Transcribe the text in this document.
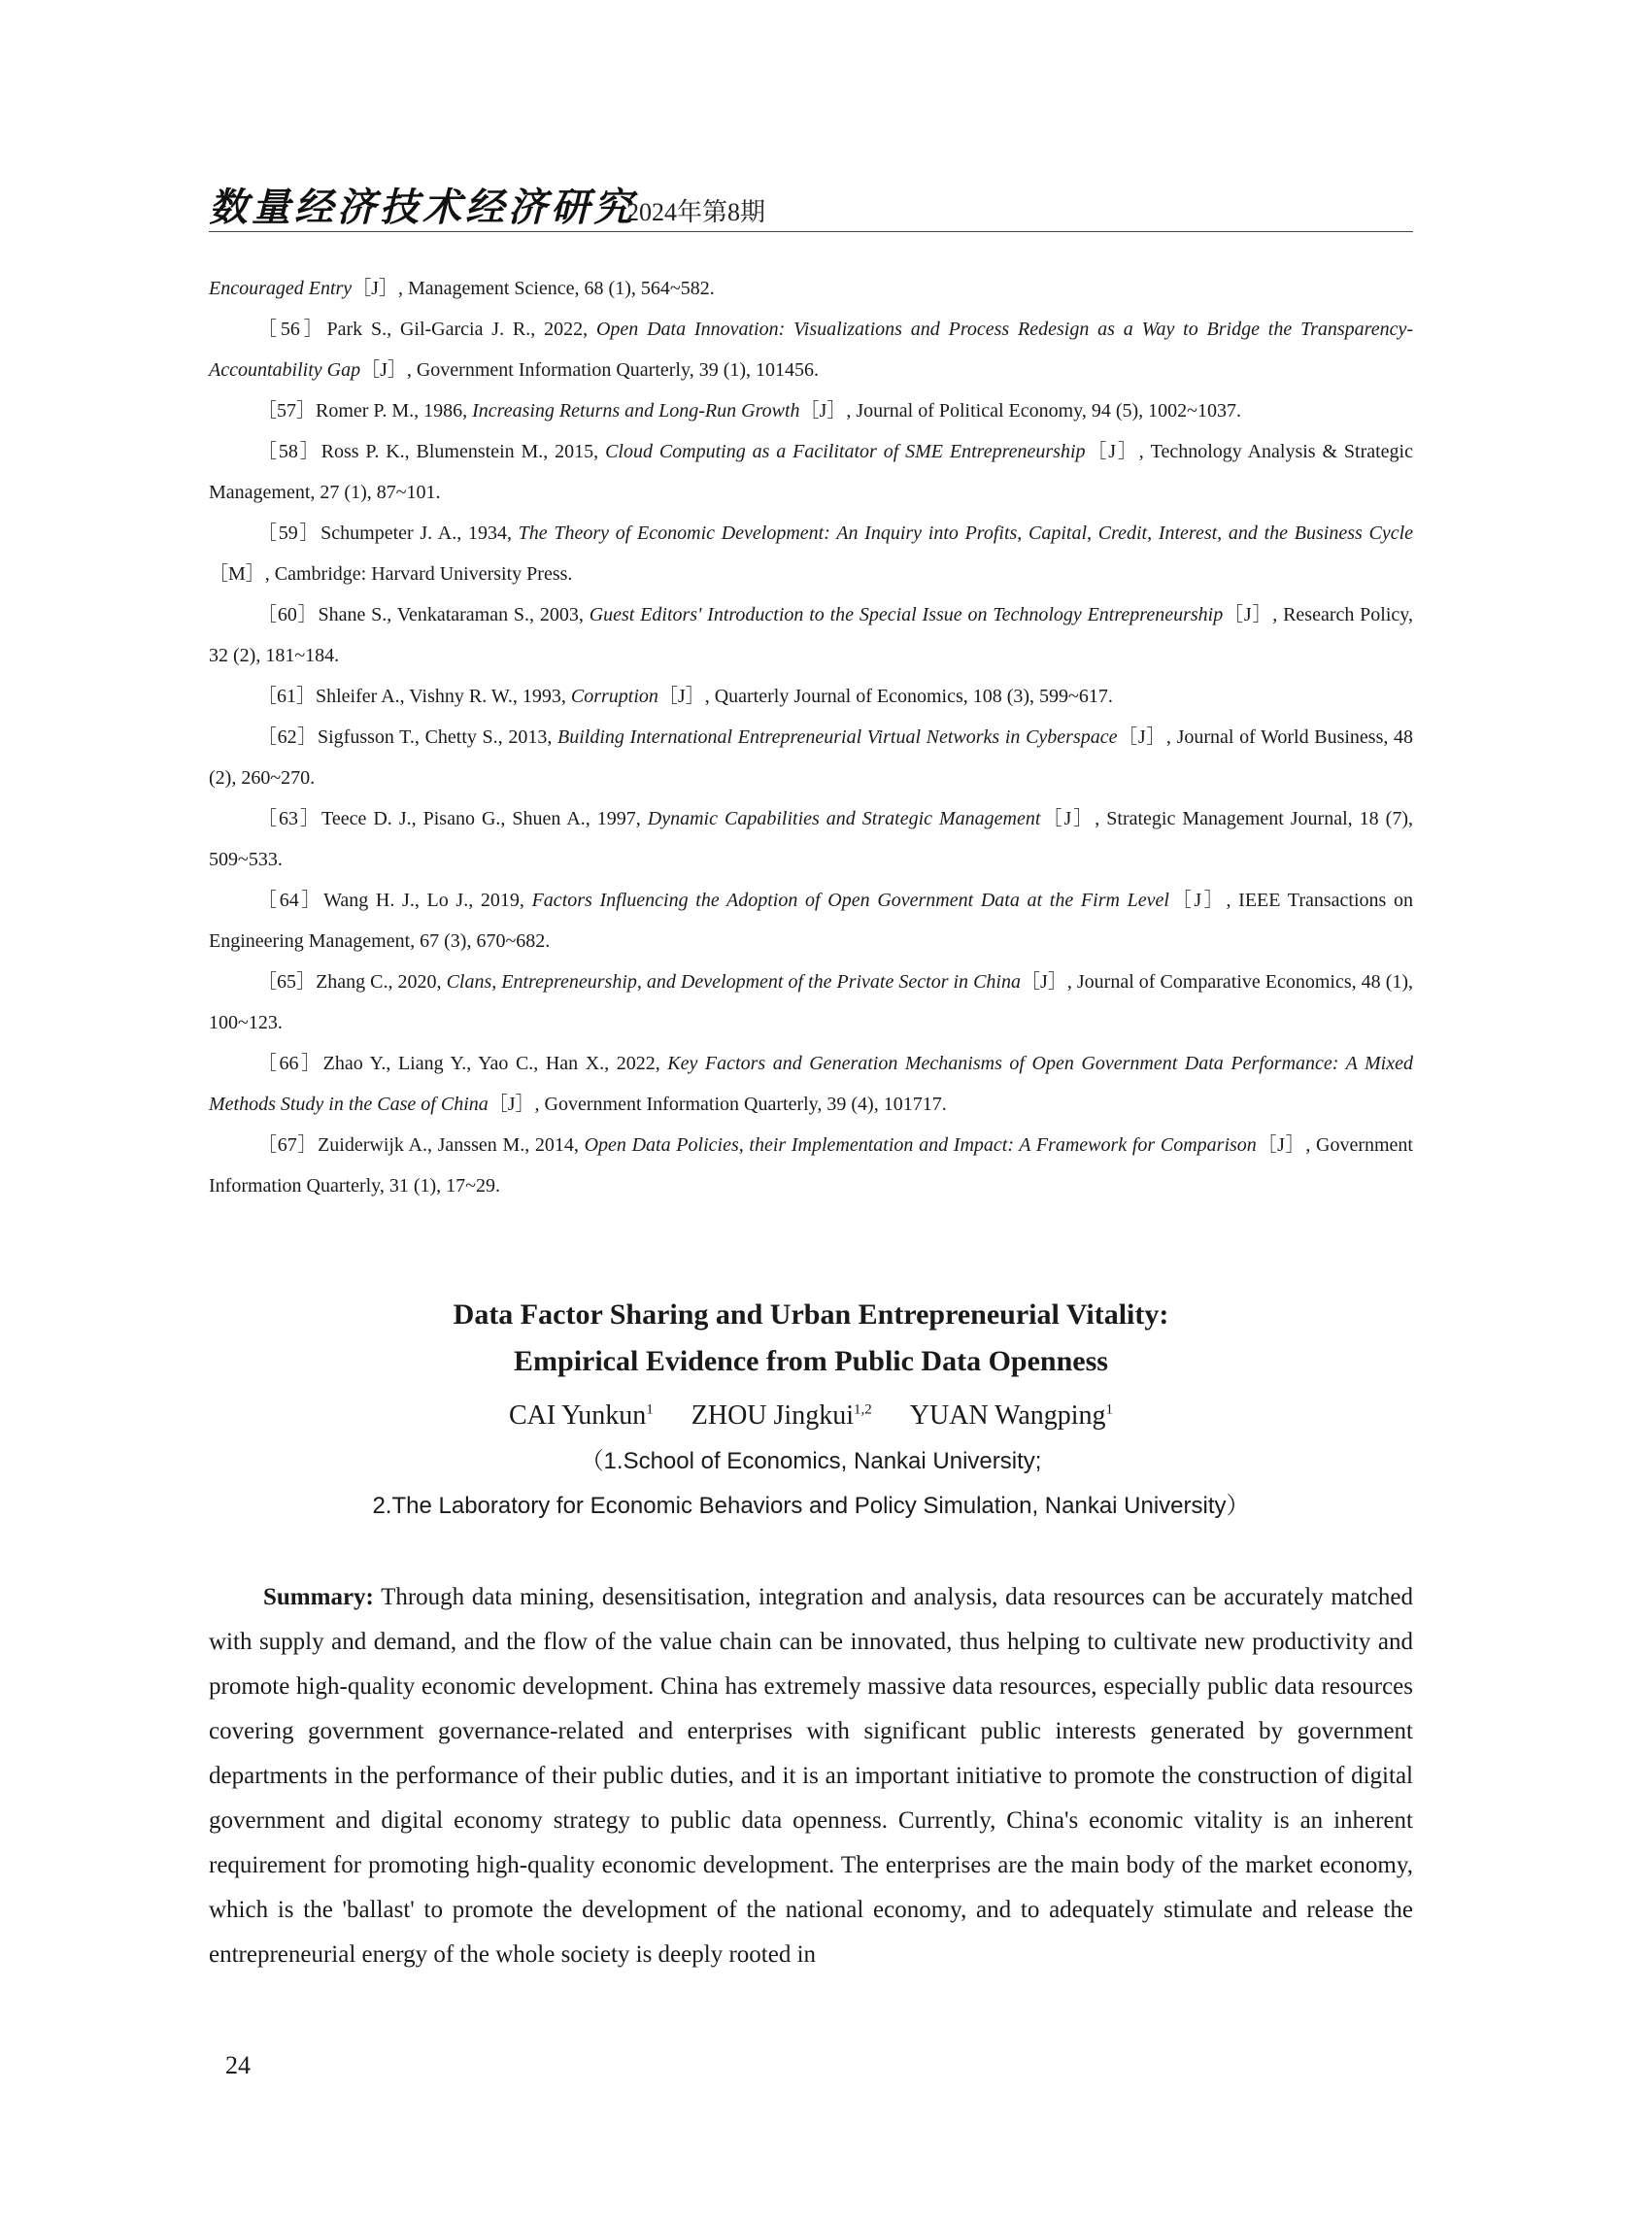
数量经济技术经济研究
2024年第8期

Encouraged Entry［J］, Management Science, 68 (1), 564~582.

［56］Park S., Gil-Garcia J. R., 2022, Open Data Innovation: Visualizations and Process Redesign as a Way to Bridge the Transparency-Accountability Gap［J］, Government Information Quarterly, 39 (1), 101456.

［57］Romer P. M., 1986, Increasing Returns and Long-Run Growth［J］, Journal of Political Economy, 94 (5), 1002~1037.

［58］Ross P. K., Blumenstein M., 2015, Cloud Computing as a Facilitator of SME Entrepreneurship［J］, Technology Analysis & Strategic Management, 27 (1), 87~101.

［59］Schumpeter J. A., 1934, The Theory of Economic Development: An Inquiry into Profits, Capital, Credit, Interest, and the Business Cycle［M］, Cambridge: Harvard University Press.

［60］Shane S., Venkataraman S., 2003, Guest Editors' Introduction to the Special Issue on Technology Entrepreneurship［J］, Research Policy, 32 (2), 181~184.

［61］Shleifer A., Vishny R. W., 1993, Corruption［J］, Quarterly Journal of Economics, 108 (3), 599~617.

［62］Sigfusson T., Chetty S., 2013, Building International Entrepreneurial Virtual Networks in Cyberspace［J］, Journal of World Business, 48 (2), 260~270.

［63］Teece D. J., Pisano G., Shuen A., 1997, Dynamic Capabilities and Strategic Management［J］, Strategic Management Journal, 18 (7), 509~533.

［64］Wang H. J., Lo J., 2019, Factors Influencing the Adoption of Open Government Data at the Firm Level［J］, IEEE Transactions on Engineering Management, 67 (3), 670~682.

［65］Zhang C., 2020, Clans, Entrepreneurship, and Development of the Private Sector in China［J］, Journal of Comparative Economics, 48 (1), 100~123.

［66］Zhao Y., Liang Y., Yao C., Han X., 2022, Key Factors and Generation Mechanisms of Open Government Data Performance: A Mixed Methods Study in the Case of China［J］, Government Information Quarterly, 39 (4), 101717.

［67］Zuiderwijk A., Janssen M., 2014, Open Data Policies, their Implementation and Impact: A Framework for Comparison［J］, Government Information Quarterly, 31 (1), 17~29.

Data Factor Sharing and Urban Entrepreneurial Vitality:
Empirical Evidence from Public Data Openness
CAI Yunkun$^1$ ZHOU Jingkui$^{1,2}$ YUAN Wangping$^1$
（1.School of Economics, Nankai University;
2.The Laboratory for Economic Behaviors and Policy Simulation, Nankai University）

Summary: Through data mining, desensitisation, integration and analysis, data resources can be accurately matched with supply and demand, and the flow of the value chain can be innovated, thus helping to cultivate new productivity and promote high-quality economic development. China has extremely massive data resources, especially public data resources covering government governance-related and enterprises with significant public interests generated by government departments in the performance of their public duties, and it is an important initiative to promote the construction of digital government and digital economy strategy to public data openness. Currently, China's economic vitality is an inherent requirement for promoting high-quality economic development. The enterprises are the main body of the market economy, which is the 'ballast' to promote the development of the national economy, and to adequately stimulate and release the entrepreneurial energy of the whole society is deeply rooted in

24
